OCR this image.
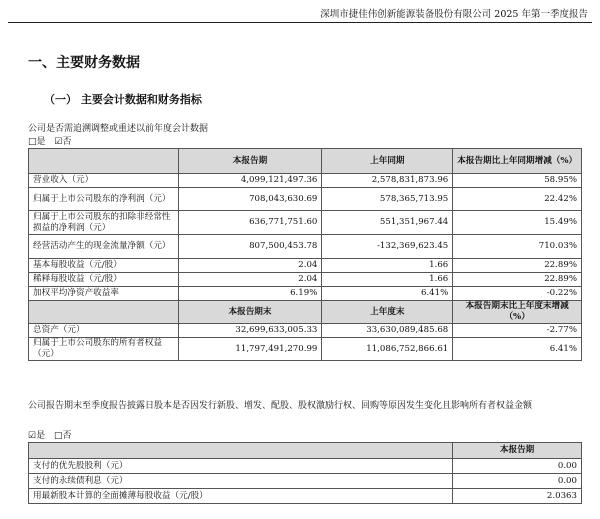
深圳市捷佳伟创新能源装备股份有限公司 2025 年第一季度报告
一、主要财务数据
（一） 主要会计数据和财务指标
公司是否需追溯调整或重述以前年度会计数据
□是 ☑否
	本报告期	上年同期	本报告期比上年同期增减（%）
营业收入（元）	4,099,121,497.36	2,578,831,873.96	58.95%
归属于上市公司股东的净利润（元）	708,043,630.69	578,365,713.95	22.42%
归属于上市公司股东的扣除非经常性损益的净利润（元）	636,771,751.60	551,351,967.44	15.49%
经营活动产生的现金流量净额（元）	807,500,453.78	-132,369,623.45	710.03%
基本每股收益（元/股）	2.04	1.66	22.89%
稀释每股收益（元/股）	2.04	1.66	22.89%
加权平均净资产收益率	6.19%	6.41%	-0.22%
	本报告期末	上年度末	本报告期末比上年度末增减（%）
总资产（元）	32,699,633,005.33	33,630,089,485.68	-2.77%
归属于上市公司股东的所有者权益（元）	11,797,491,270.99	11,086,752,866.61	6.41%
公司报告期末至季度报告披露日股本是否因发行新股、增发、配股、股权激励行权、回购等原因发生变化且影响所有者权益金额
☑是 □否
	本报告期
支付的优先股股利（元）	0.00
支付的永续债利息（元）	0.00
用最新股本计算的全面摊薄每股收益（元/股）	2.0363
